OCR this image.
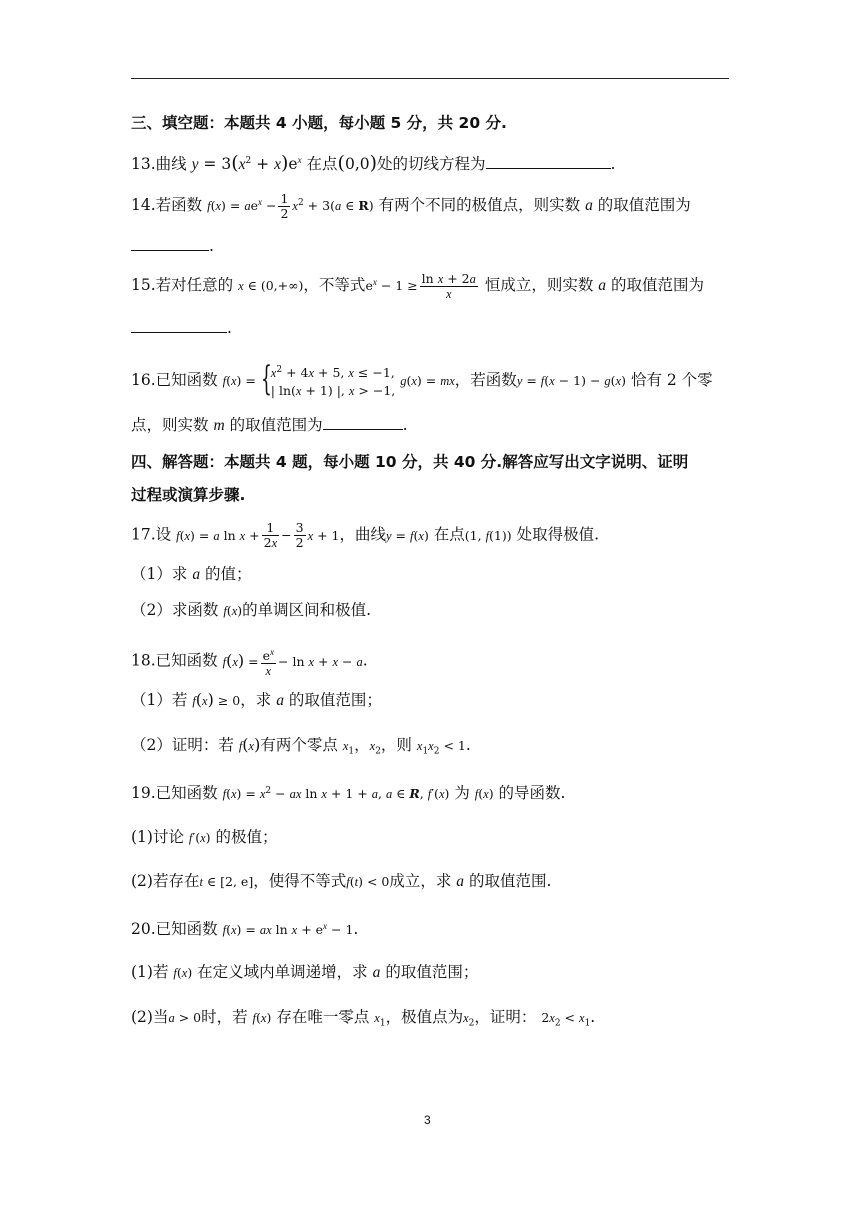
三、填空题：本题共 4 小题，每小题 5 分，共 20 分.
13.曲线 $y = 3(x^2 + x)e^x$ 在点(0,0)处的切线方程为	.
14.若函数 $f(x) = ae^x - \frac{1}{2} x^2 + 3(a$ ∈ R) 有两个不同的极值点，则实数 a 的取值范围为
.
15.若对任意的 x ∈ (0,+∞)，不等式$e^x - 1 \ge \frac{\text{ln x + 2a}}{x}$ 恒成立，则实数 a 的取值范围为
.
16.已知函数 f(x) = { $x^2 + 4x + 5$, x ≤ −1,
| ln(x + 1) |, x > −1,
g(x) = mx，若函数y = f(x − 1) − g(x) 恰有 2 个零
点，则实数 m 的取值范围为	.
四、解答题：本题共 4 题，每小题 10 分，共 40 分.解答应写出文字说明、证明
过程或演算步骤.
17.设 f(x) = a $\ln x + \frac{1}{2x} - \frac{3}{2}$ x + 1，曲线y = f(x) 在点(1, f(1)) 处取得极值.
（1）求 a 的值；
（2）求函数 f(x)的单调区间和极值.
18.已知函数 $f(x) = \frac{e^x}{x} - \ln x + x - a$.
（1）若 f(x) ≥ 0，求 a 的取值范围；
（2）证明：若 f(x)有两个零点 $x_1$，$x_2$，则 $x_1x_2 < 1$.
19.已知函数 $f(x) = x^2$ − ax ln x + 1 + a, a ∈ R, f′(x) 为 f(x) 的导函数.
(1)讨论 f′(x) 的极值；
(2)若存在t ∈ [2, e]，使得不等式f(t) < 0成立，求 a 的取值范围.
20.已知函数 f(x) = ax $\ln x + e^x - 1$.
(1)若 f(x) 在定义域内单调递增，求 a 的取值范围；
(2)当a > 0时，若 f(x) 存在唯一零点 $x_1$，极值点为$x_2$，证明： $2x_2 < x_1$.
3
